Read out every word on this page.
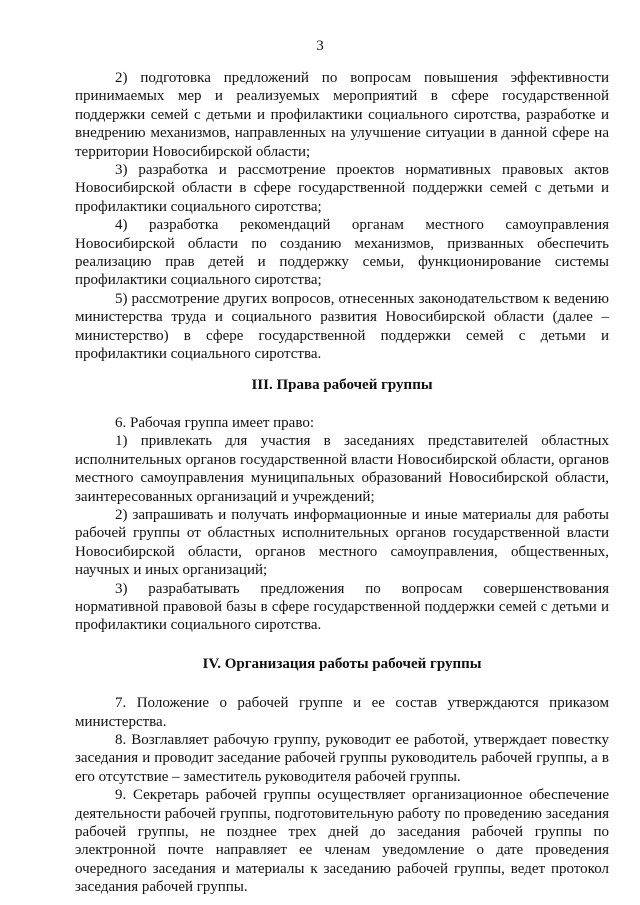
3

2) подготовка предложений по вопросам повышения эффективности принимаемых мер и реализуемых мероприятий в сфере государственной поддержки семей с детьми и профилактики социального сиротства, разработке и внедрению механизмов, направленных на улучшение ситуации в данной сфере на территории Новосибирской области;

3) разработка и рассмотрение проектов нормативных правовых актов Новосибирской области в сфере государственной поддержки семей с детьми и профилактики социального сиротства;

4) разработка рекомендаций органам местного самоуправления Новосибирской области по созданию механизмов, призванных обеспечить реализацию прав детей и поддержку семьи, функционирование системы профилактики социального сиротства;

5) рассмотрение других вопросов, отнесенных законодательством к ведению министерства труда и социального развития Новосибирской области (далее – министерство) в сфере государственной поддержки семей с детьми и профилактики социального сиротства.

III. Права рабочей группы

6. Рабочая группа имеет право:

1) привлекать для участия в заседаниях представителей областных исполнительных органов государственной власти Новосибирской области, органов местного самоуправления муниципальных образований Новосибирской области, заинтересованных организаций и учреждений;

2) запрашивать и получать информационные и иные материалы для работы рабочей группы от областных исполнительных органов государственной власти Новосибирской области, органов местного самоуправления, общественных, научных и иных организаций;

3) разрабатывать предложения по вопросам совершенствования нормативной правовой базы в сфере государственной поддержки семей с детьми и профилактики социального сиротства.

IV. Организация работы рабочей группы

7. Положение о рабочей группе и ее состав утверждаются приказом министерства.

8. Возглавляет рабочую группу, руководит ее работой, утверждает повестку заседания и проводит заседание рабочей группы руководитель рабочей группы, а в его отсутствие – заместитель руководителя рабочей группы.

9. Секретарь рабочей группы осуществляет организационное обеспечение деятельности рабочей группы, подготовительную работу по проведению заседания рабочей группы, не позднее трех дней до заседания рабочей группы по электронной почте направляет ее членам уведомление о дате проведения очередного заседания и материалы к заседанию рабочей группы, ведет протокол заседания рабочей группы.
